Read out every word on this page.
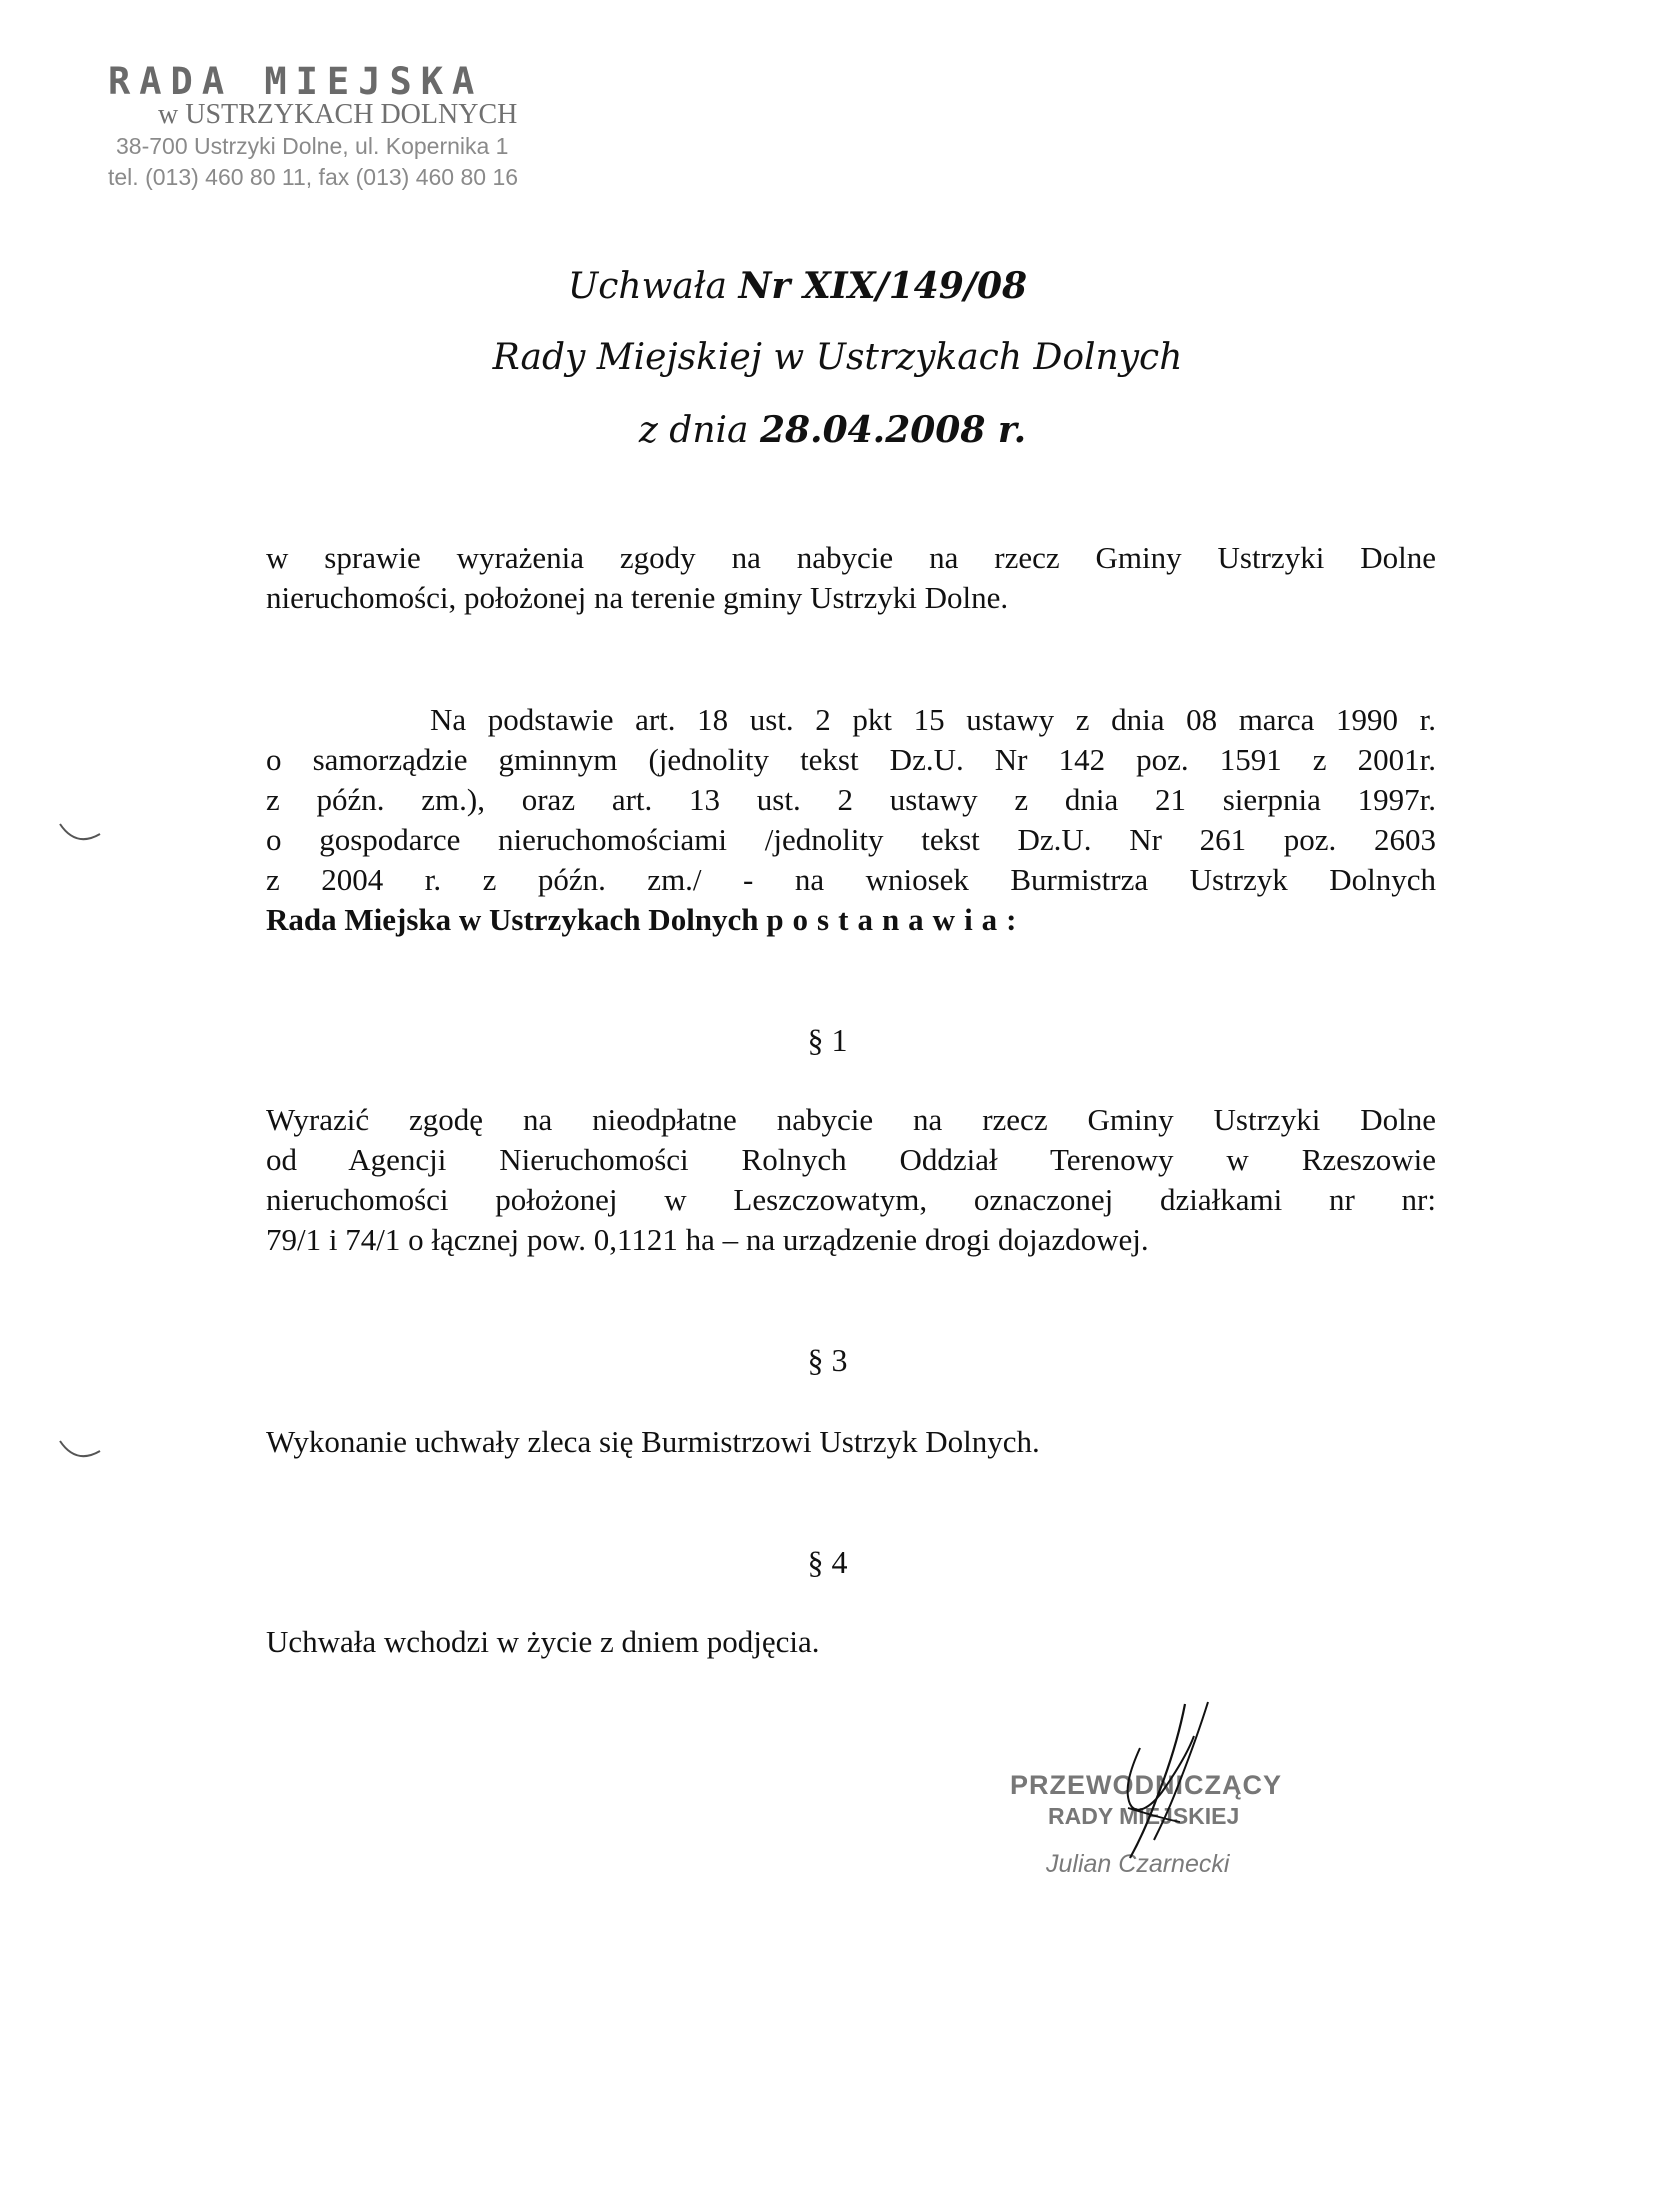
RADA MIEJSKA
w USTRZYKACH DOLNYCH
38-700 Ustrzyki Dolne, ul. Kopernika 1
tel. (013) 460 80 11, fax (013) 460 80 16
Uchwała Nr XIX/149/08
Rady Miejskiej w Ustrzykach Dolnych
z dnia 28.04.2008 r.
w sprawie wyrażenia zgody na nabycie na rzecz Gminy Ustrzyki Dolne
nieruchomości, położonej na terenie gminy Ustrzyki Dolne.
Na podstawie art. 18 ust. 2 pkt 15 ustawy z dnia 08 marca 1990 r.
o samorządzie gminnym (jednolity tekst Dz.U. Nr 142 poz. 1591 z 2001r.
z późn. zm.), oraz art. 13 ust. 2 ustawy z dnia 21 sierpnia 1997r.
o gospodarce nieruchomościami /jednolity tekst Dz.U. Nr 261 poz. 2603
z 2004 r. z późn. zm./ - na wniosek Burmistrza Ustrzyk Dolnych
Rada Miejska w Ustrzykach Dolnych postanawia:
§ 1
Wyrazić zgodę na nieodpłatne nabycie na rzecz Gminy Ustrzyki Dolne
od Agencji Nieruchomości Rolnych Oddział Terenowy w Rzeszowie
nieruchomości położonej w Leszczowatym, oznaczonej działkami nr nr:
79/1 i 74/1 o łącznej pow. 0,1121 ha – na urządzenie drogi dojazdowej.
§ 3
Wykonanie uchwały zleca się Burmistrzowi Ustrzyk Dolnych.
§ 4
Uchwała wchodzi w życie z dniem podjęcia.
PRZEWODNICZĄCY
RADY MIEJSKIEJ
Julian Czarnecki
